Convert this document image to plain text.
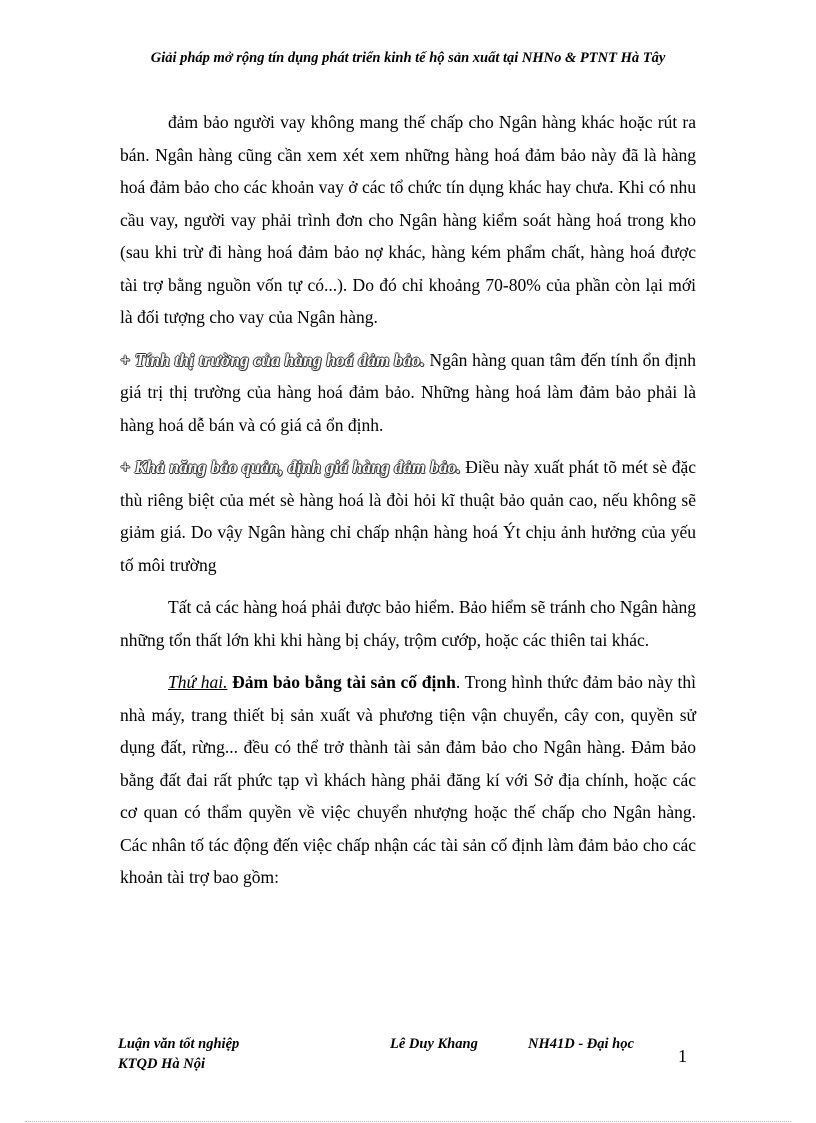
Giải pháp mở rộng tín dụng phát triển kinh tế hộ sản xuất tại NHNo & PTNT Hà Tây

đảm bảo người vay không mang thế chấp cho Ngân hàng khác hoặc rút ra bán. Ngân hàng cũng cần xem xét xem những hàng hoá đảm bảo này đã là hàng hoá đảm bảo cho các khoản vay ở các tổ chức tín dụng khác hay chưa. Khi có nhu cầu vay, người vay phải trình đơn cho Ngân hàng kiểm soát hàng hoá trong kho (sau khi trừ đi hàng hoá đảm bảo nợ khác, hàng kém phẩm chất, hàng hoá được tài trợ bằng nguồn vốn tự có...). Do đó chỉ khoảng 70-80% của phần còn lại mới là đối tượng cho vay của Ngân hàng.

+ Tính thị trường của hàng hoá đảm bảo. Ngân hàng quan tâm đến tính ổn định giá trị thị trường của hàng hoá đảm bảo. Những hàng hoá làm đảm bảo phải là hàng hoá dễ bán và có giá cả ổn định.

+ Khả năng bảo quản, định giá hàng đảm bảo. Điều này xuất phát tõ mét sè đặc thù riêng biệt của mét sè hàng hoá là đòi hỏi kĩ thuật bảo quản cao, nếu không sẽ giảm giá. Do vậy Ngân hàng chỉ chấp nhận hàng hoá Ýt chịu ảnh hưởng của yếu tố môi trường

Tất cả các hàng hoá phải được bảo hiểm. Bảo hiểm sẽ tránh cho Ngân hàng những tổn thất lớn khi khi hàng bị cháy, trộm cướp, hoặc các thiên tai khác.

Thứ hai. Đảm bảo bằng tài sản cố định. Trong hình thức đảm bảo này thì nhà máy, trang thiết bị sản xuất và phương tiện vận chuyển, cây con, quyền sử dụng đất, rừng... đều có thể trở thành tài sản đảm bảo cho Ngân hàng. Đảm bảo bằng đất đai rất phức tạp vì khách hàng phải đăng kí với Sở địa chính, hoặc các cơ quan có thẩm quyền về việc chuyển nhượng hoặc thế chấp cho Ngân hàng. Các nhân tố tác động đến việc chấp nhận các tài sản cố định làm đảm bảo cho các khoản tài trợ bao gồm:

Luận văn tốt nghiệp
KTQD Hà Nội
Lê Duy Khang	NH41D - Đại học
1
